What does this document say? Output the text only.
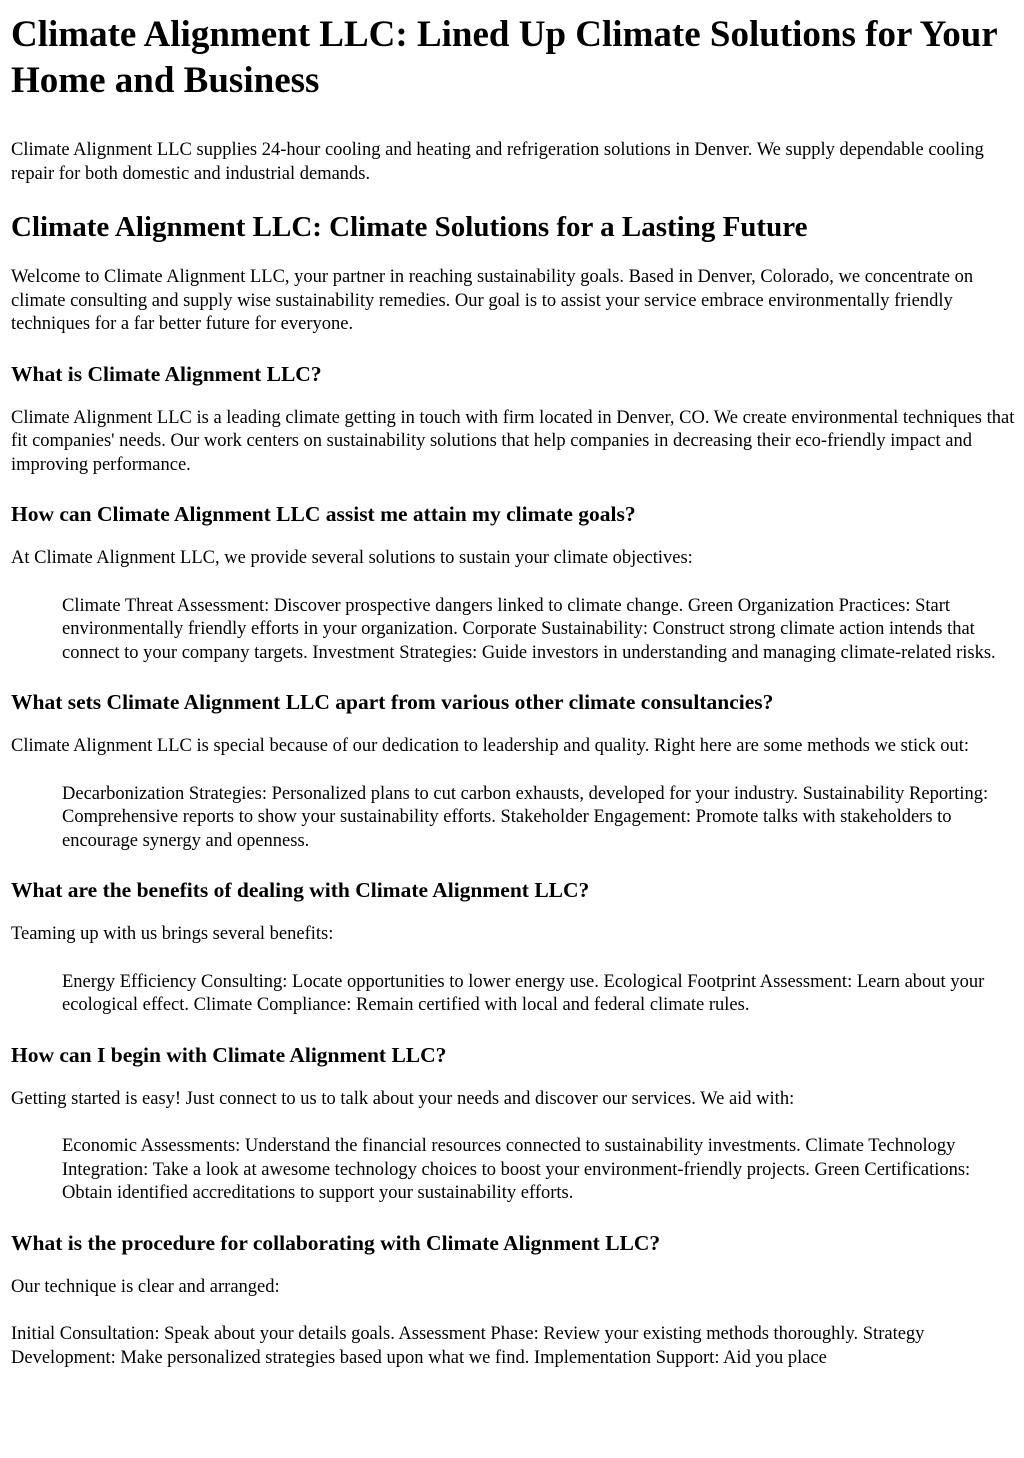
Climate Alignment LLC: Lined Up Climate Solutions for Your Home and Business

Climate Alignment LLC supplies 24-hour cooling and heating and refrigeration solutions in Denver. We supply dependable cooling repair for both domestic and industrial demands.

Climate Alignment LLC: Climate Solutions for a Lasting Future

Welcome to Climate Alignment LLC, your partner in reaching sustainability goals. Based in Denver, Colorado, we concentrate on climate consulting and supply wise sustainability remedies. Our goal is to assist your service embrace environmentally friendly techniques for a far better future for everyone.

What is Climate Alignment LLC?

Climate Alignment LLC is a leading climate getting in touch with firm located in Denver, CO. We create environmental techniques that fit companies' needs. Our work centers on sustainability solutions that help companies in decreasing their eco-friendly impact and improving performance.

How can Climate Alignment LLC assist me attain my climate goals?

At Climate Alignment LLC, we provide several solutions to sustain your climate objectives:

Climate Threat Assessment: Discover prospective dangers linked to climate change. Green Organization Practices: Start environmentally friendly efforts in your organization. Corporate Sustainability: Construct strong climate action intends that connect to your company targets. Investment Strategies: Guide investors in understanding and managing climate-related risks.
What sets Climate Alignment LLC apart from various other climate consultancies?

Climate Alignment LLC is special because of our dedication to leadership and quality. Right here are some methods we stick out:

Decarbonization Strategies: Personalized plans to cut carbon exhausts, developed for your industry. Sustainability Reporting: Comprehensive reports to show your sustainability efforts. Stakeholder Engagement: Promote talks with stakeholders to encourage synergy and openness.
What are the benefits of dealing with Climate Alignment LLC?

Teaming up with us brings several benefits:

Energy Efficiency Consulting: Locate opportunities to lower energy use. Ecological Footprint Assessment: Learn about your ecological effect. Climate Compliance: Remain certified with local and federal climate rules.
How can I begin with Climate Alignment LLC?

Getting started is easy! Just connect to us to talk about your needs and discover our services. We aid with:

Economic Assessments: Understand the financial resources connected to sustainability investments. Climate Technology Integration: Take a look at awesome technology choices to boost your environment-friendly projects. Green Certifications: Obtain identified accreditations to support your sustainability efforts.
What is the procedure for collaborating with Climate Alignment LLC?

Our technique is clear and arranged:

Initial Consultation: Speak about your details goals. Assessment Phase: Review your existing methods thoroughly. Strategy Development: Make personalized strategies based upon what we find. Implementation Support: Aid you place
